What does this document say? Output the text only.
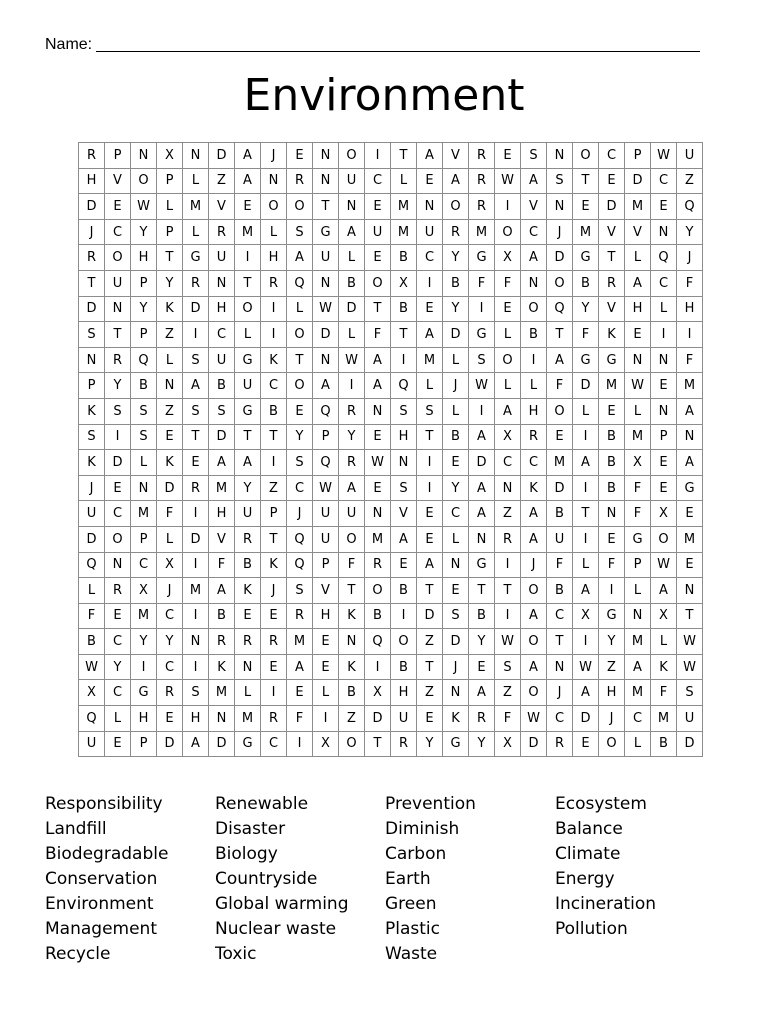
Name:
Environment
R	P	N	X	N	D	A	J	E	N	O	I	T	A	V	R	E	S	N	O	C	P	W	U
H	V	O	P	L	Z	A	N	R	N	U	C	L	E	A	R	W	A	S	T	E	D	C	Z
D	E	W	L	M	V	E	O	O	T	N	E	M	N	O	R	I	V	N	E	D	M	E	Q
J	C	Y	P	L	R	M	L	S	G	A	U	M	U	R	M	O	C	J	M	V	V	N	Y
R	O	H	T	G	U	I	H	A	U	L	E	B	C	Y	G	X	A	D	G	T	L	Q	J
T	U	P	Y	R	N	T	R	Q	N	B	O	X	I	B	F	F	N	O	B	R	A	C	F
D	N	Y	K	D	H	O	I	L	W	D	T	B	E	Y	I	E	O	Q	Y	V	H	L	H
S	T	P	Z	I	C	L	I	O	D	L	F	T	A	D	G	L	B	T	F	K	E	I	I
N	R	Q	L	S	U	G	K	T	N	W	A	I	M	L	S	O	I	A	G	G	N	N	F
P	Y	B	N	A	B	U	C	O	A	I	A	Q	L	J	W	L	L	F	D	M	W	E	M
K	S	S	Z	S	S	G	B	E	Q	R	N	S	S	L	I	A	H	O	L	E	L	N	A
S	I	S	E	T	D	T	T	Y	P	Y	E	H	T	B	A	X	R	E	I	B	M	P	N
K	D	L	K	E	A	A	I	S	Q	R	W	N	I	E	D	C	C	M	A	B	X	E	A
J	E	N	D	R	M	Y	Z	C	W	A	E	S	I	Y	A	N	K	D	I	B	F	E	G
U	C	M	F	I	H	U	P	J	U	U	N	V	E	C	A	Z	A	B	T	N	F	X	E
D	O	P	L	D	V	R	T	Q	U	O	M	A	E	L	N	R	A	U	I	E	G	O	M
Q	N	C	X	I	F	B	K	Q	P	F	R	E	A	N	G	I	J	F	L	F	P	W	E
L	R	X	J	M	A	K	J	S	V	T	O	B	T	E	T	T	O	B	A	I	L	A	N
F	E	M	C	I	B	E	E	R	H	K	B	I	D	S	B	I	A	C	X	G	N	X	T
B	C	Y	Y	N	R	R	R	M	E	N	Q	O	Z	D	Y	W	O	T	I	Y	M	L	W
W	Y	I	C	I	K	N	E	A	E	K	I	B	T	J	E	S	A	N	W	Z	A	K	W
X	C	G	R	S	M	L	I	E	L	B	X	H	Z	N	A	Z	O	J	A	H	M	F	S
Q	L	H	E	H	N	M	R	F	I	Z	D	U	E	K	R	F	W	C	D	J	C	M	U
U	E	P	D	A	D	G	C	I	X	O	T	R	Y	G	Y	X	D	R	E	O	L	B	D
Responsibility
Landfill
Biodegradable
Conservation
Environment
Management
Recycle
Renewable
Disaster
Biology
Countryside
Global warming
Nuclear waste
Toxic
Prevention
Diminish
Carbon
Earth
Green
Plastic
Waste
Ecosystem
Balance
Climate
Energy
Incineration
Pollution
